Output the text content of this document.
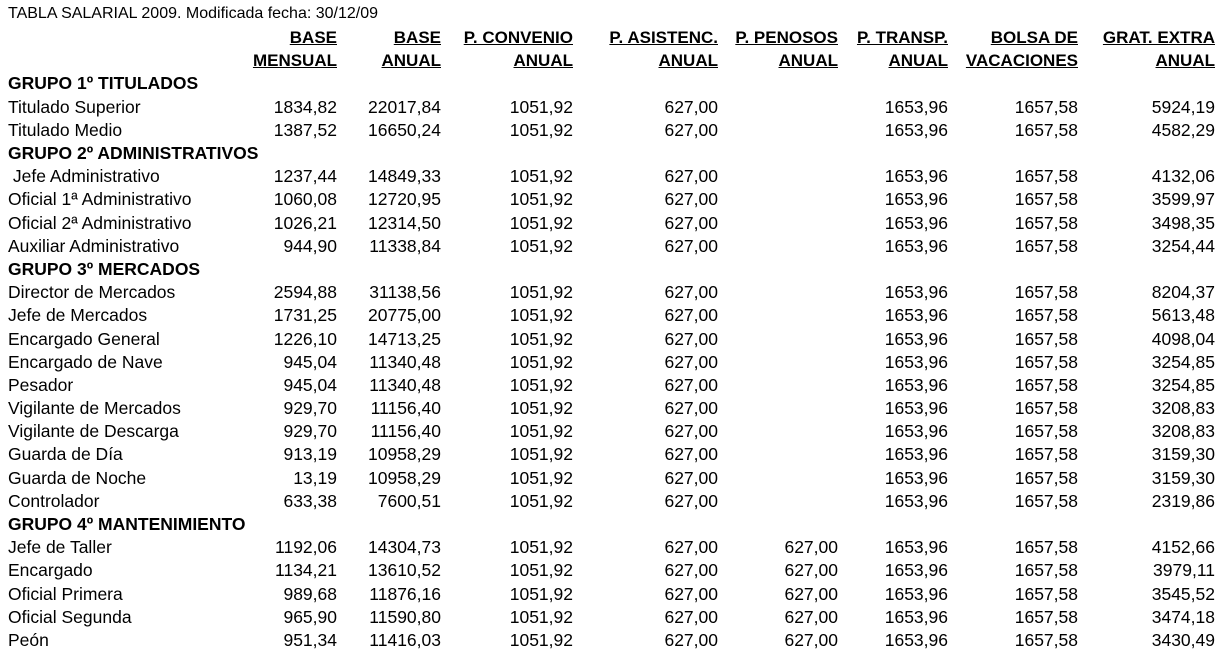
TABLA SALARIAL 2009. Modificada fecha: 30/12/09
	BASE	BASE	P. CONVENIO	P. ASISTENC.	P. PENOSOS	P. TRANSP.	BOLSA DE	GRAT. EXTRA
	MENSUAL	ANUAL	ANUAL	ANUAL	ANUAL	ANUAL	VACACIONES	ANUAL
GRUPO 1º TITULADOS								
Titulado Superior	1834,82	22017,84	1051,92	627,00		1653,96	1657,58	5924,19
Titulado Medio	1387,52	16650,24	1051,92	627,00		1653,96	1657,58	4582,29
GRUPO 2º ADMINISTRATIVOS								
Jefe Administrativo	1237,44	14849,33	1051,92	627,00		1653,96	1657,58	4132,06
Oficial 1ª Administrativo	1060,08	12720,95	1051,92	627,00		1653,96	1657,58	3599,97
Oficial 2ª Administrativo	1026,21	12314,50	1051,92	627,00		1653,96	1657,58	3498,35
Auxiliar Administrativo	944,90	11338,84	1051,92	627,00		1653,96	1657,58	3254,44
GRUPO 3º MERCADOS								
Director de Mercados	2594,88	31138,56	1051,92	627,00		1653,96	1657,58	8204,37
Jefe de Mercados	1731,25	20775,00	1051,92	627,00		1653,96	1657,58	5613,48
Encargado General	1226,10	14713,25	1051,92	627,00		1653,96	1657,58	4098,04
Encargado de Nave	945,04	11340,48	1051,92	627,00		1653,96	1657,58	3254,85
Pesador	945,04	11340,48	1051,92	627,00		1653,96	1657,58	3254,85
Vigilante de Mercados	929,70	11156,40	1051,92	627,00		1653,96	1657,58	3208,83
Vigilante de Descarga	929,70	11156,40	1051,92	627,00		1653,96	1657,58	3208,83
Guarda de Día	913,19	10958,29	1051,92	627,00		1653,96	1657,58	3159,30
Guarda de Noche	13,19	10958,29	1051,92	627,00		1653,96	1657,58	3159,30
Controlador	633,38	7600,51	1051,92	627,00		1653,96	1657,58	2319,86
GRUPO 4º MANTENIMIENTO								
Jefe de Taller	1192,06	14304,73	1051,92	627,00	627,00	1653,96	1657,58	4152,66
Encargado	1134,21	13610,52	1051,92	627,00	627,00	1653,96	1657,58	3979,11
Oficial Primera	989,68	11876,16	1051,92	627,00	627,00	1653,96	1657,58	3545,52
Oficial Segunda	965,90	11590,80	1051,92	627,00	627,00	1653,96	1657,58	3474,18
Peón	951,34	11416,03	1051,92	627,00	627,00	1653,96	1657,58	3430,49
